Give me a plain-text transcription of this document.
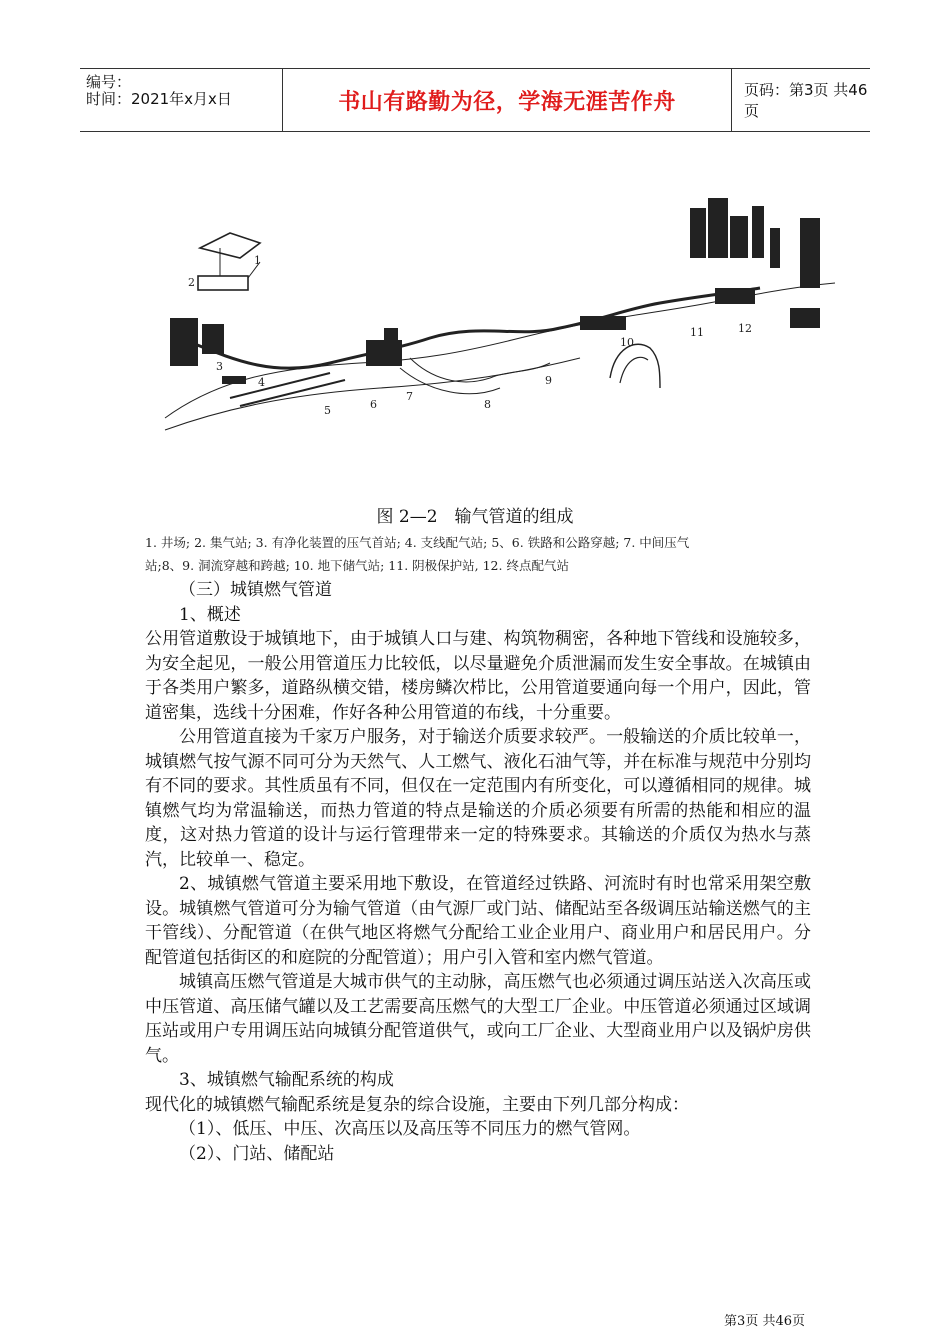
编号：
时间：2021年x月x日	书山有路勤为径，学海无涯苦作舟	页码：第3页 共46页
1
2
3
4
5	6
7
8
9
10
11	12
图 2—2　输气管道的组成
1. 井场; 2. 集气站; 3. 有净化装置的压气首站; 4. 支线配气站; 5、6. 铁路和公路穿越; 7. 中间压气
站;8、9. 洞流穿越和跨越; 10. 地下储气站; 11. 阴极保护站, 12. 终点配气站

（三）城镇燃气管道

1、概述

公用管道敷设于城镇地下，由于城镇人口与建、构筑物稠密，各种地下管线和设施较多，为安全起见，一般公用管道压力比较低，以尽量避免介质泄漏而发生安全事故。在城镇由于各类用户繁多，道路纵横交错，楼房鳞次栉比，公用管道要通向每一个用户，因此，管道密集，选线十分困难，作好各种公用管道的布线，十分重要。

公用管道直接为千家万户服务，对于输送介质要求较严。一般输送的介质比较单一，城镇燃气按气源不同可分为天然气、人工燃气、液化石油气等，并在标准与规范中分别均有不同的要求。其性质虽有不同，但仅在一定范围内有所变化，可以遵循相同的规律。城镇燃气均为常温输送，而热力管道的特点是输送的介质必须要有所需的热能和相应的温度，这对热力管道的设计与运行管理带来一定的特殊要求。其输送的介质仅为热水与蒸汽，比较单一、稳定。

2、城镇燃气管道主要采用地下敷设，在管道经过铁路、河流时有时也常采用架空敷设。城镇燃气管道可分为输气管道（由气源厂或门站、储配站至各级调压站输送燃气的主干管线）、分配管道（在供气地区将燃气分配给工业企业用户、商业用户和居民用户。分配管道包括街区的和庭院的分配管道）；用户引入管和室内燃气管道。

城镇高压燃气管道是大城市供气的主动脉，高压燃气也必须通过调压站送入次高压或中压管道、高压储气罐以及工艺需要高压燃气的大型工厂企业。中压管道必须通过区域调压站或用户专用调压站向城镇分配管道供气，或向工厂企业、大型商业用户以及锅炉房供气。

3、城镇燃气输配系统的构成

现代化的城镇燃气输配系统是复杂的综合设施，主要由下列几部分构成：

（1）、低压、中压、次高压以及高压等不同压力的燃气管网。

（2）、门站、储配站

第3页 共46页
